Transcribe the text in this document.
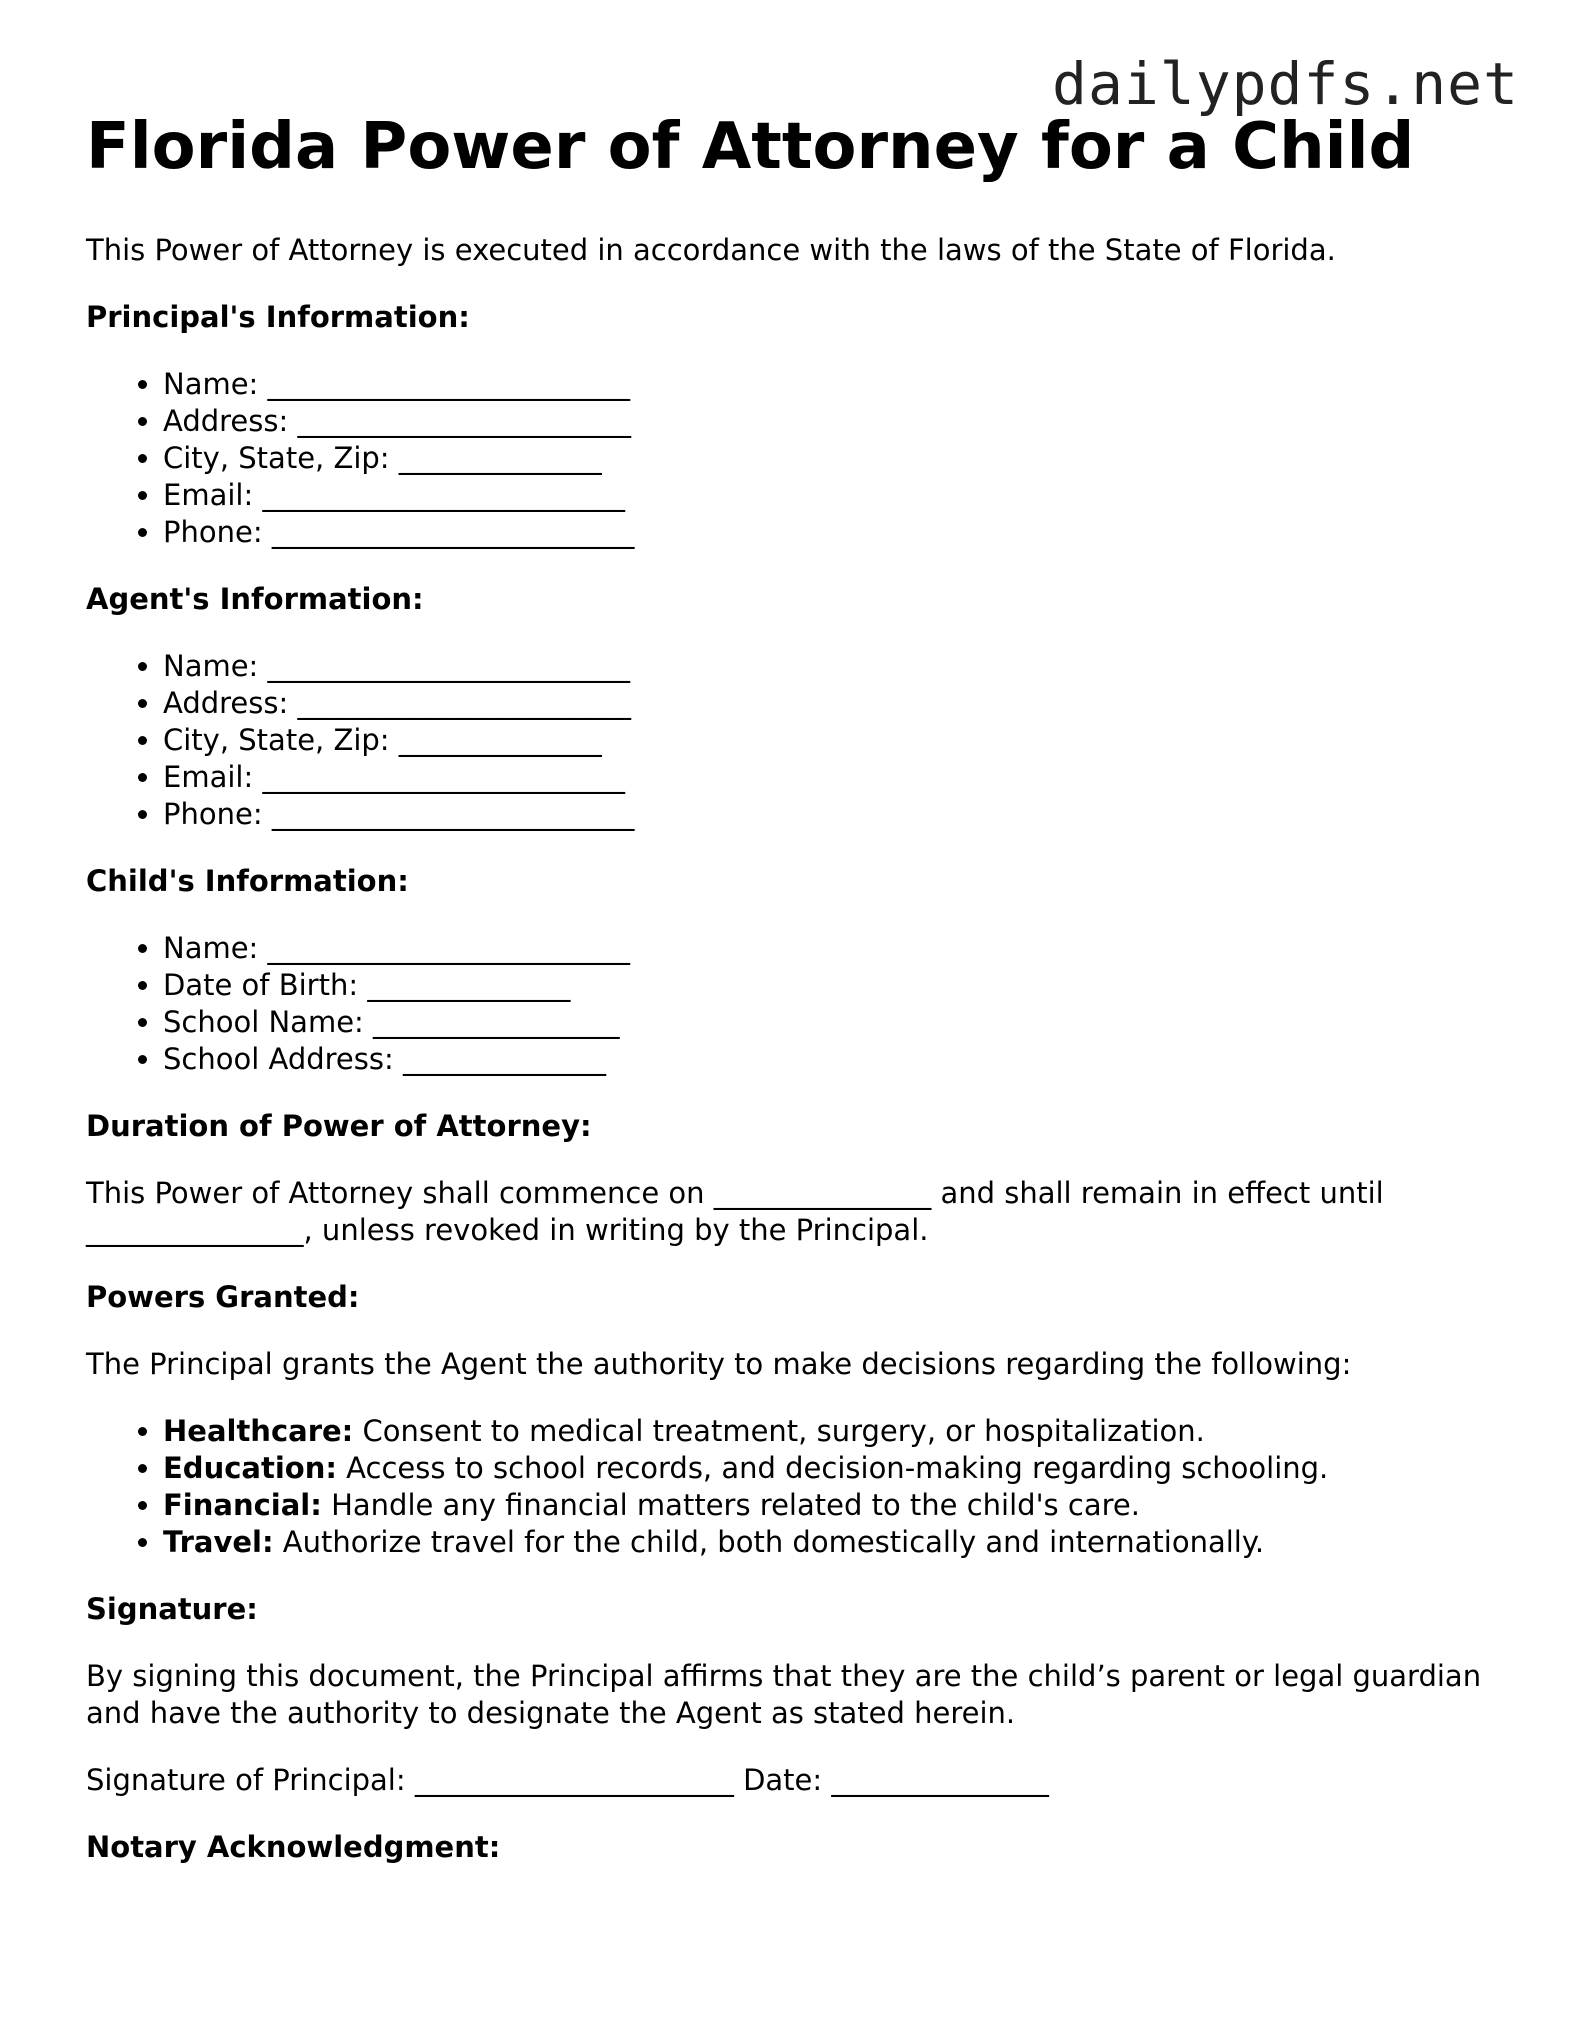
dailypdfs.net
Florida Power of Attorney for a Child

This Power of Attorney is executed in accordance with the laws of the State of Florida.

Principal's Information:
• Name: _________________________
• Address: _______________________
• City, State, Zip: ______________
• Email: _________________________
• Phone: _________________________
Agent's Information:
• Name: _________________________
• Address: _______________________
• City, State, Zip: ______________
• Email: _________________________
• Phone: _________________________
Child's Information:
• Name: _________________________
• Date of Birth: ______________
• School Name: _________________
• School Address: ______________
Duration of Power of Attorney:

This Power of Attorney shall commence on _______________ and shall remain in effect until _______________, unless revoked in writing by the Principal.

Powers Granted:

The Principal grants the Agent the authority to make decisions regarding the following:

• Healthcare: Consent to medical treatment, surgery, or hospitalization.
• Education: Access to school records, and decision-making regarding schooling.
• Financial: Handle any financial matters related to the child's care.
• Travel: Authorize travel for the child, both domestically and internationally.
Signature:

By signing this document, the Principal affirms that they are the child’s parent or legal guardian and have the authority to designate the Agent as stated herein.

Signature of Principal: ______________________ Date: _______________

Notary Acknowledgment:
